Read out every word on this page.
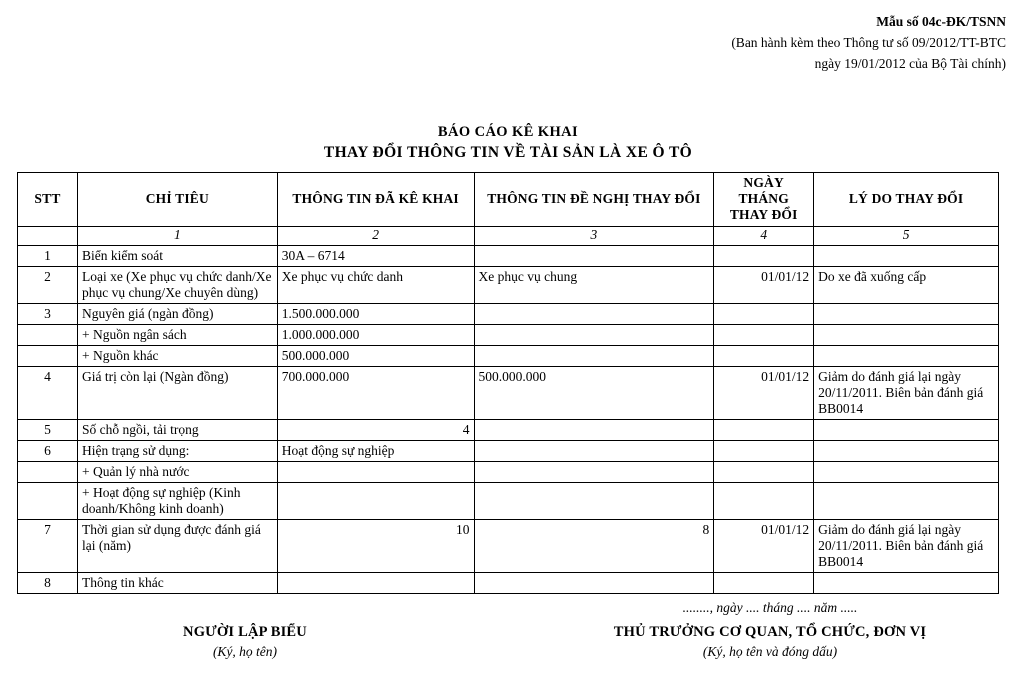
Mẫu số 04c-ĐK/TSNN
(Ban hành kèm theo Thông tư số 09/2012/TT-BTC
ngày 19/01/2012 của Bộ Tài chính)
BÁO CÁO KÊ KHAI
THAY ĐỔI THÔNG TIN VỀ TÀI SẢN LÀ XE Ô TÔ
STT	CHỈ TIÊU	THÔNG TIN ĐÃ KÊ KHAI	THÔNG TIN ĐỀ NGHỊ THAY ĐỔI	NGÀY THÁNG THAY ĐỔI	LÝ DO THAY ĐỔI
	1	2	3	4	5
1	Biển kiểm soát	30A – 6714			
2	Loại xe (Xe phục vụ chức danh/Xe phục vụ chung/Xe chuyên dùng)	Xe phục vụ chức danh	Xe phục vụ chung	01/01/12	Do xe đã xuống cấp
3	Nguyên giá (ngàn đồng)	1.500.000.000			
	+ Nguồn ngân sách	1.000.000.000			
	+ Nguồn khác	500.000.000			
4	Giá trị còn lại (Ngàn đồng)	700.000.000	500.000.000	01/01/12	Giảm do đánh giá lại ngày 20/11/2011. Biên bản đánh giá BB0014
5	Số chỗ ngồi, tải trọng	4			
6	Hiện trạng sử dụng:	Hoạt động sự nghiệp			
	+ Quản lý nhà nước				
	+ Hoạt động sự nghiệp (Kinh doanh/Không kinh doanh)				
7	Thời gian sử dụng được đánh giá lại (năm)	10	8	01/01/12	Giảm do đánh giá lại ngày 20/11/2011. Biên bản đánh giá BB0014
8	Thông tin khác				
........, ngày .... tháng .... năm .....
NGƯỜI LẬP BIỂU
(Ký, họ tên)
THỦ TRƯỞNG CƠ QUAN, TỔ CHỨC, ĐƠN VỊ
(Ký, họ tên và đóng dấu)
